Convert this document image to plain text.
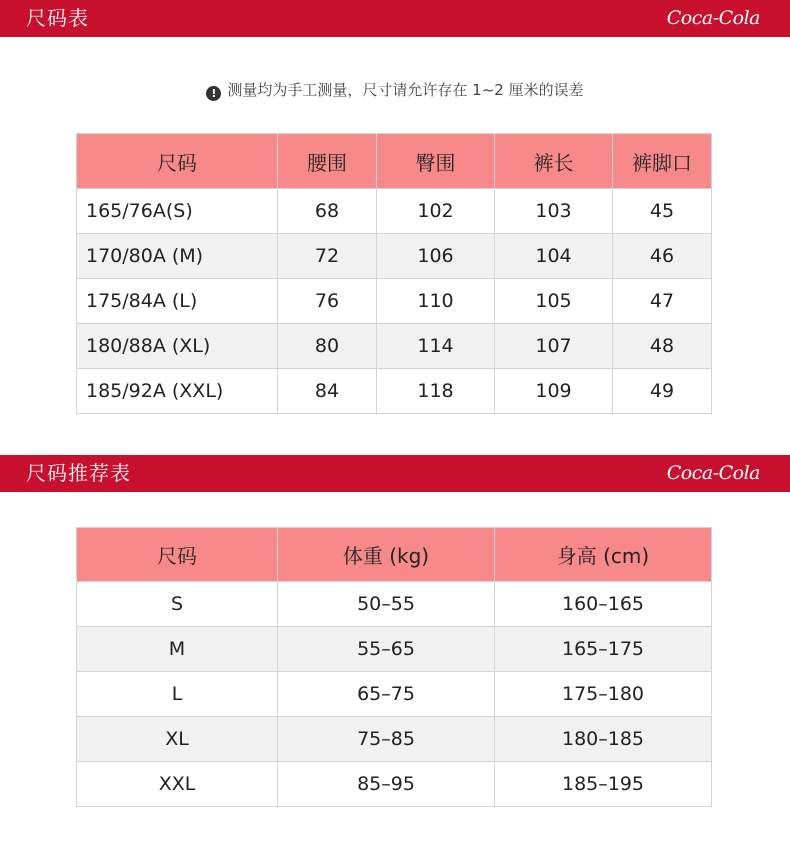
尺码表	Coca-Cola
! 测量均为手工测量，尺寸请允许存在 1~2 厘米的误差
尺码	腰围	臀围	裤长	裤脚口
165/76A(S)	68	102	103	45
170/80A (M)	72	106	104	46
175/84A (L)	76	110	105	47
180/88A (XL)	80	114	107	48
185/92A (XXL)	84	118	109	49
尺码推荐表	Coca-Cola
尺码	体重 (kg)	身高 (cm)
S	50–55	160–165
M	55–65	165–175
L	65–75	175–180
XL	75–85	180–185
XXL	85–95	185–195
